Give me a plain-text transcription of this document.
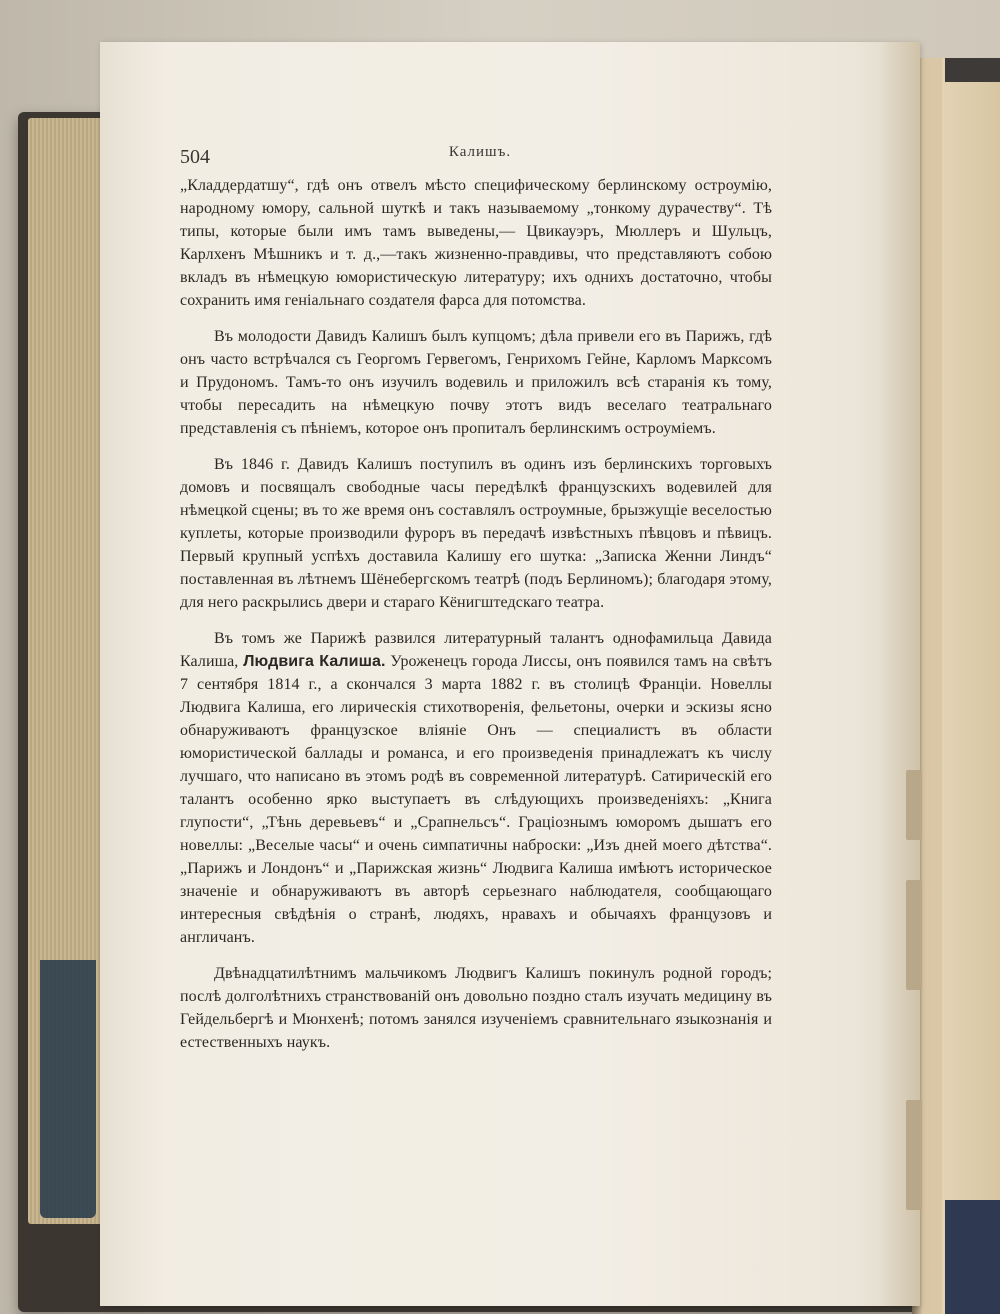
504	Калишъ.

„Кладдердатшу“, гдѣ онъ отвелъ мѣсто специфическому берлинскому остроумію, народному юмору, сальной шуткѣ и такъ называемому „тонкому дурачеству“. Тѣ типы, которые были имъ тамъ выведены,— Цвикауэръ, Мюллеръ и Шульцъ, Карлхенъ Мѣшникъ и т. д.,—такъ жизненно-правдивы, что представляютъ собою вкладъ въ нѣмецкую юмористическую литературу; ихъ однихъ достаточно, чтобы сохранить имя геніальнаго создателя фарса для потомства.

Въ молодости Давидъ Калишъ былъ купцомъ; дѣла привели его въ Парижъ, гдѣ онъ часто встрѣчался съ Георгомъ Гервегомъ, Генрихомъ Гейне, Карломъ Марксомъ и Прудономъ. Тамъ-то онъ изучилъ водевиль и приложилъ всѣ старанія къ тому, чтобы пересадить на нѣмецкую почву этотъ видъ веселаго театральнаго представленія съ пѣніемъ, которое онъ пропиталъ берлинскимъ остроуміемъ.

Въ 1846 г. Давидъ Калишъ поступилъ въ одинъ изъ берлинскихъ торговыхъ домовъ и посвящалъ свободные часы передѣлкѣ французскихъ водевилей для нѣмецкой сцены; въ то же время онъ составлялъ остроумные, брызжущіе веселостью куплеты, которые производили фуроръ въ передачѣ извѣстныхъ пѣвцовъ и пѣвицъ. Первый крупный успѣхъ доставила Калишу его шутка: „Записка Женни Линдъ“ поставленная въ лѣтнемъ Шёнебергскомъ театрѣ (подъ Берлиномъ); благодаря этому, для него раскрылись двери и стараго Кёнигштедскаго театра.

Въ томъ же Парижѣ развился литературный талантъ однофамильца Давида Калиша, Людвига Калиша. Уроженецъ города Лиссы, онъ появился тамъ на свѣтъ 7 сентября 1814 г., а скончался 3 марта 1882 г. въ столицѣ Франціи. Новеллы Людвига Калиша, его лирическія стихотворенія, фельетоны, очерки и эскизы ясно обнаруживаютъ французское вліяніе Онъ — специалистъ въ области юмористической баллады и романса, и его произведенія принадлежатъ къ числу лучшаго, что написано въ этомъ родѣ въ современной литературѣ. Сатирическій его талантъ особенно ярко выступаетъ въ слѣдующихъ произведеніяхъ: „Книга глупости“, „Тѣнь деревьевъ“ и „Срапнельсъ“. Граціознымъ юморомъ дышатъ его новеллы: „Веселые часы“ и очень симпатичны наброски: „Изъ дней моего дѣтства“. „Парижъ и Лондонъ“ и „Парижская жизнь“ Людвига Калиша имѣютъ историческое значеніе и обнаруживаютъ въ авторѣ серьезнаго наблюдателя, сообщающаго интересныя свѣдѣнія о странѣ, людяхъ, нравахъ и обычаяхъ французовъ и англичанъ.

Двѣнадцатилѣтнимъ мальчикомъ Людвигъ Калишъ покинулъ родной городъ; послѣ долголѣтнихъ странствованій онъ довольно поздно сталъ изучать медицину въ Гейдельбергѣ и Мюнхенѣ; потомъ занялся изученіемъ сравнительнаго языкознанія и естественныхъ наукъ.
